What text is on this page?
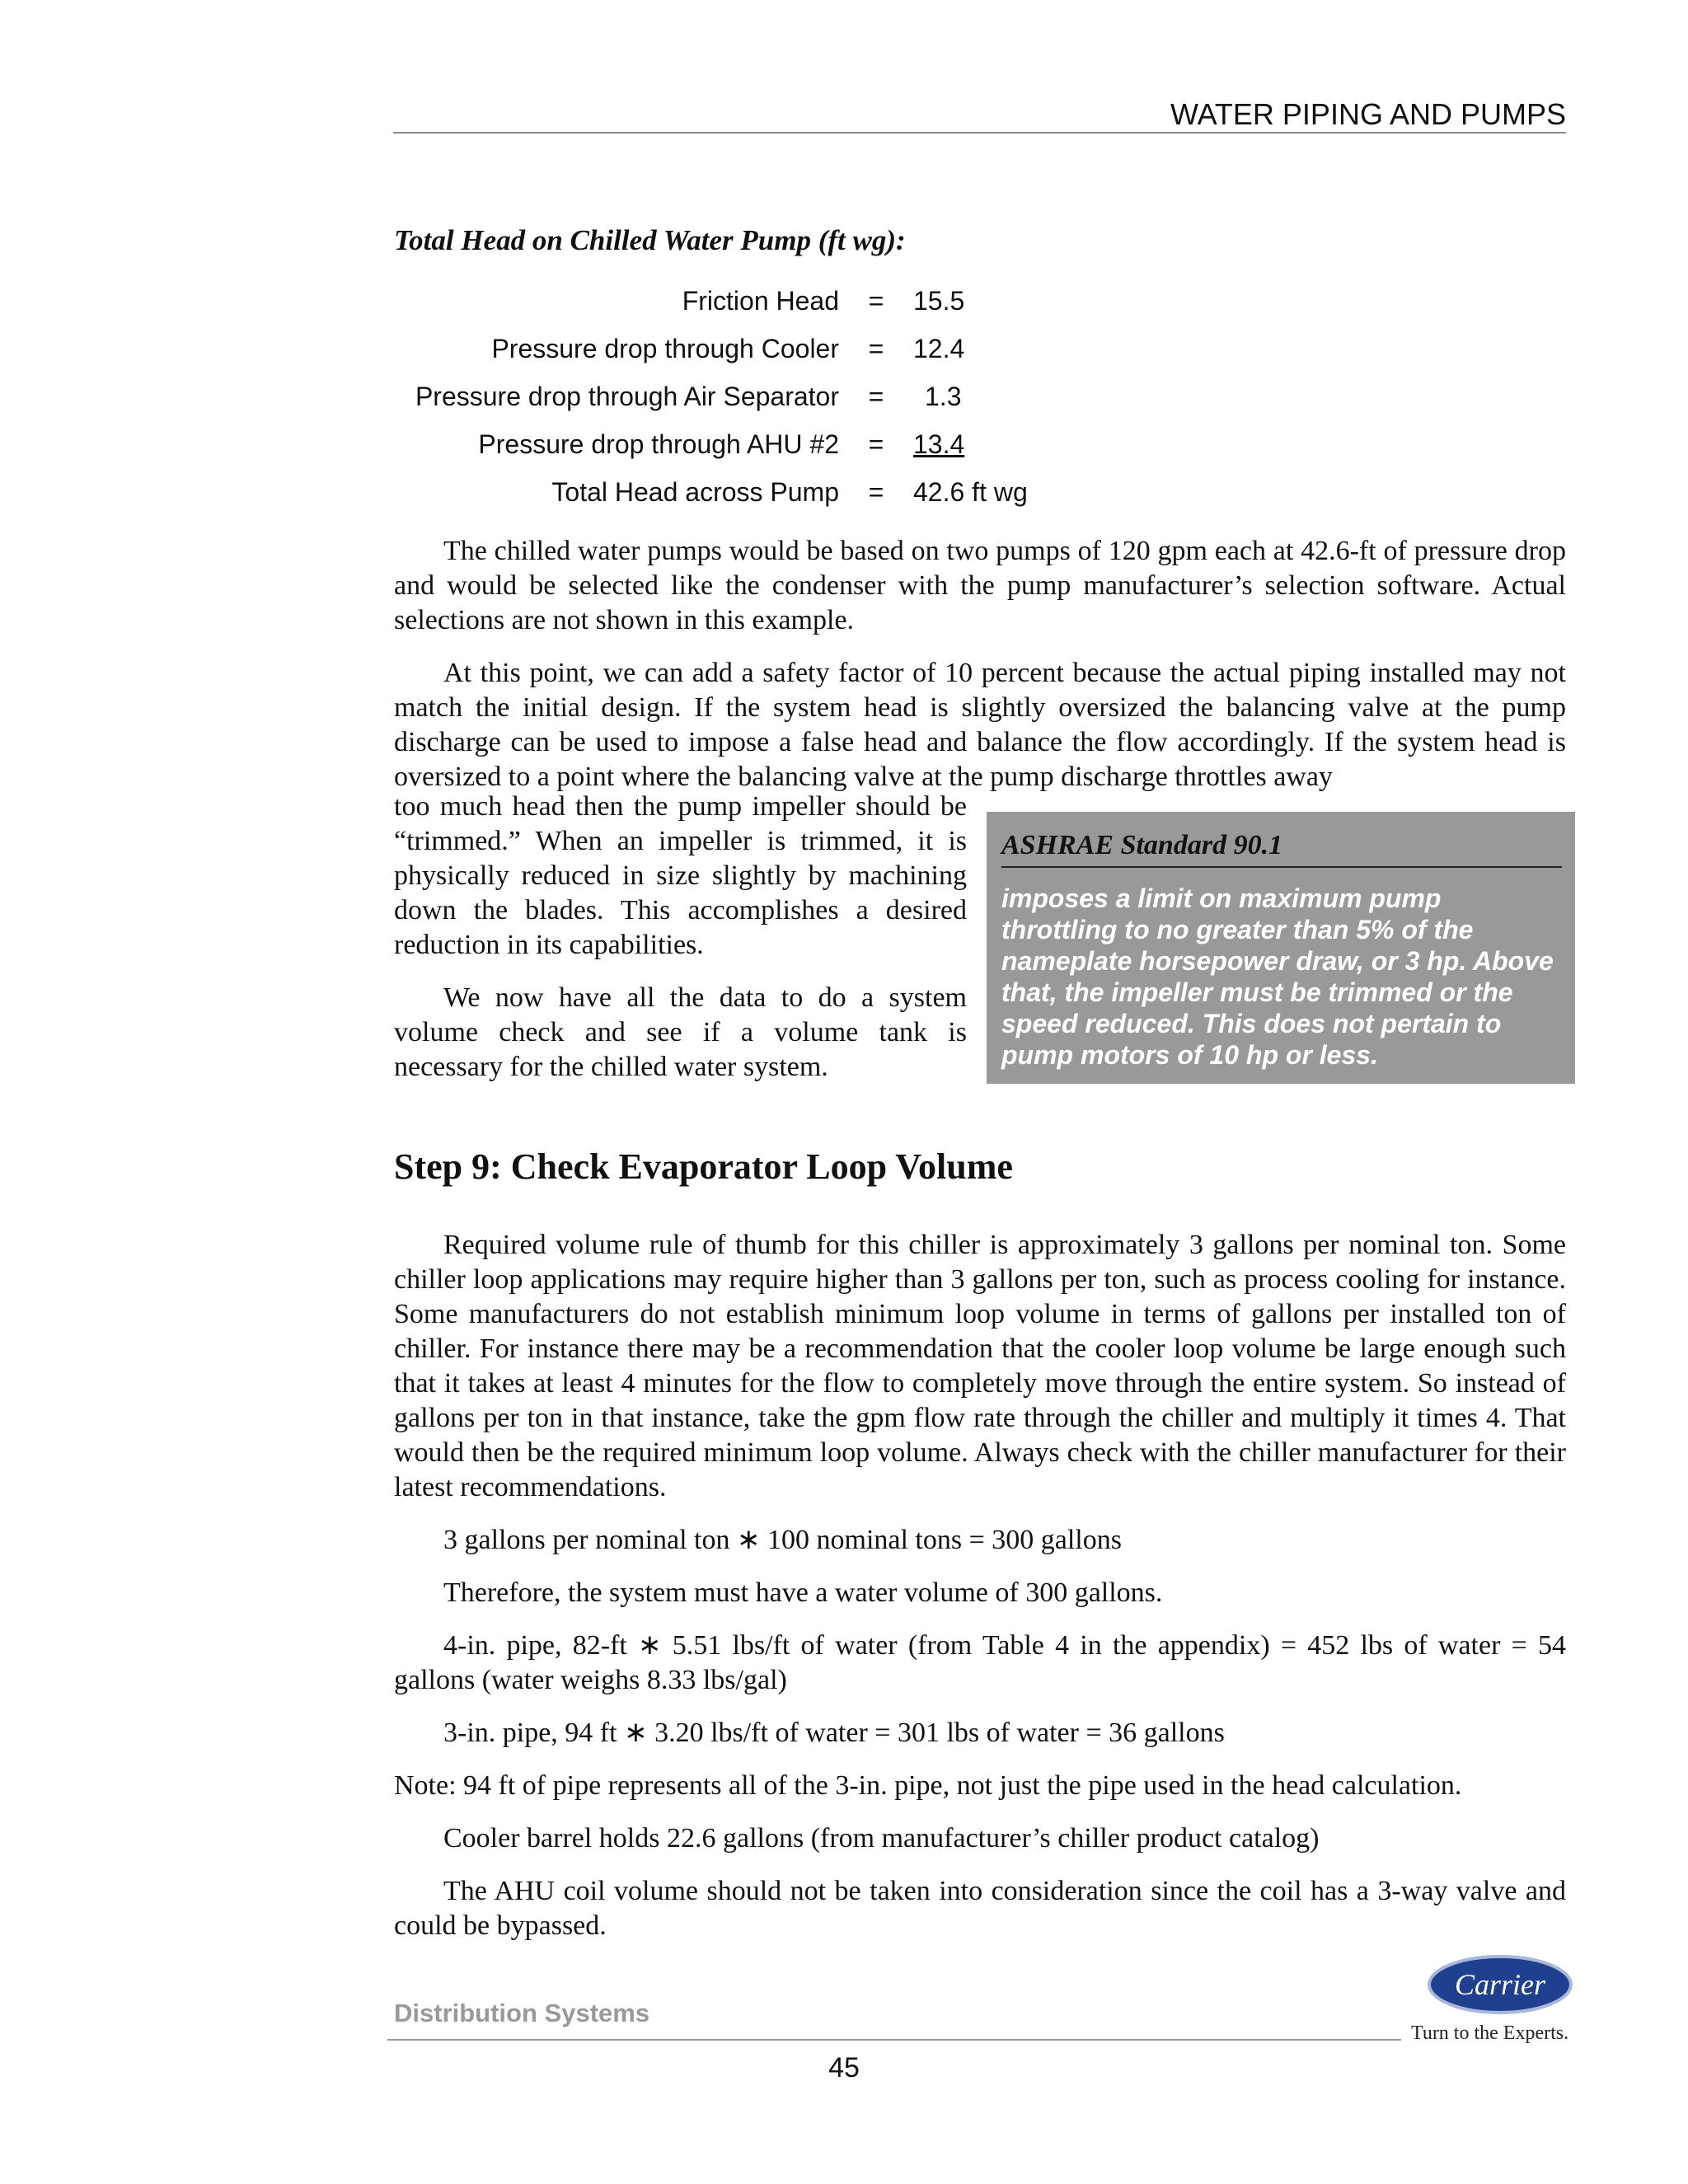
WATER PIPING AND PUMPS
Total Head on Chilled Water Pump (ft wg):
Friction Head	=	15.5
Pressure drop through Cooler	=	12.4
Pressure drop through Air Separator	=	1.3
Pressure drop through AHU #2	=	13.4
Total Head across Pump	=	42.6 ft wg

The chilled water pumps would be based on two pumps of 120 gpm each at 42.6-ft of pressure drop and would be selected like the condenser with the pump manufacturer’s selection software. Actual selections are not shown in this example.

At this point, we can add a safety factor of 10 percent because the actual piping installed may not match the initial design. If the system head is slightly oversized the balancing valve at the pump discharge can be used to impose a false head and balance the flow accordingly. If the system head is oversized to a point where the balancing valve at the pump discharge throttles away

too much head then the pump impeller should be “trimmed.” When an impeller is trimmed, it is physically reduced in size slightly by machining down the blades. This accomplishes a desired reduction in its capabilities.

We now have all the data to do a system volume check and see if a volume tank is necessary for the chilled water system.

ASHRAE Standard 90.1
imposes a limit on maximum pump throttling to no greater than 5% of the nameplate horsepower draw, or 3 hp. Above that, the impeller must be trimmed or the speed reduced. This does not pertain to pump motors of 10 hp or less.
Step 9: Check Evaporator Loop Volume

Required volume rule of thumb for this chiller is approximately 3 gallons per nominal ton. Some chiller loop applications may require higher than 3 gallons per ton, such as process cooling for instance. Some manufacturers do not establish minimum loop volume in terms of gallons per installed ton of chiller. For instance there may be a recommendation that the cooler loop volume be large enough such that it takes at least 4 minutes for the flow to completely move through the entire system. So instead of gallons per ton in that instance, take the gpm flow rate through the chiller and multiply it times 4. That would then be the required minimum loop volume. Always check with the chiller manufacturer for their latest recommendations.

3 gallons per nominal ton ∗ 100 nominal tons = 300 gallons

Therefore, the system must have a water volume of 300 gallons.

4-in. pipe, 82-ft ∗ 5.51 lbs/ft of water (from Table 4 in the appendix) = 452 lbs of water = 54 gallons (water weighs 8.33 lbs/gal)

3-in. pipe, 94 ft ∗ 3.20 lbs/ft of water = 301 lbs of water = 36 gallons

Note: 94 ft of pipe represents all of the 3-in. pipe, not just the pipe used in the head calculation.

Cooler barrel holds 22.6 gallons (from manufacturer’s chiller product catalog)

The AHU coil volume should not be taken into consideration since the coil has a 3-way valve and could be bypassed.

Distribution Systems
Carrier
Turn to the Experts.
45
